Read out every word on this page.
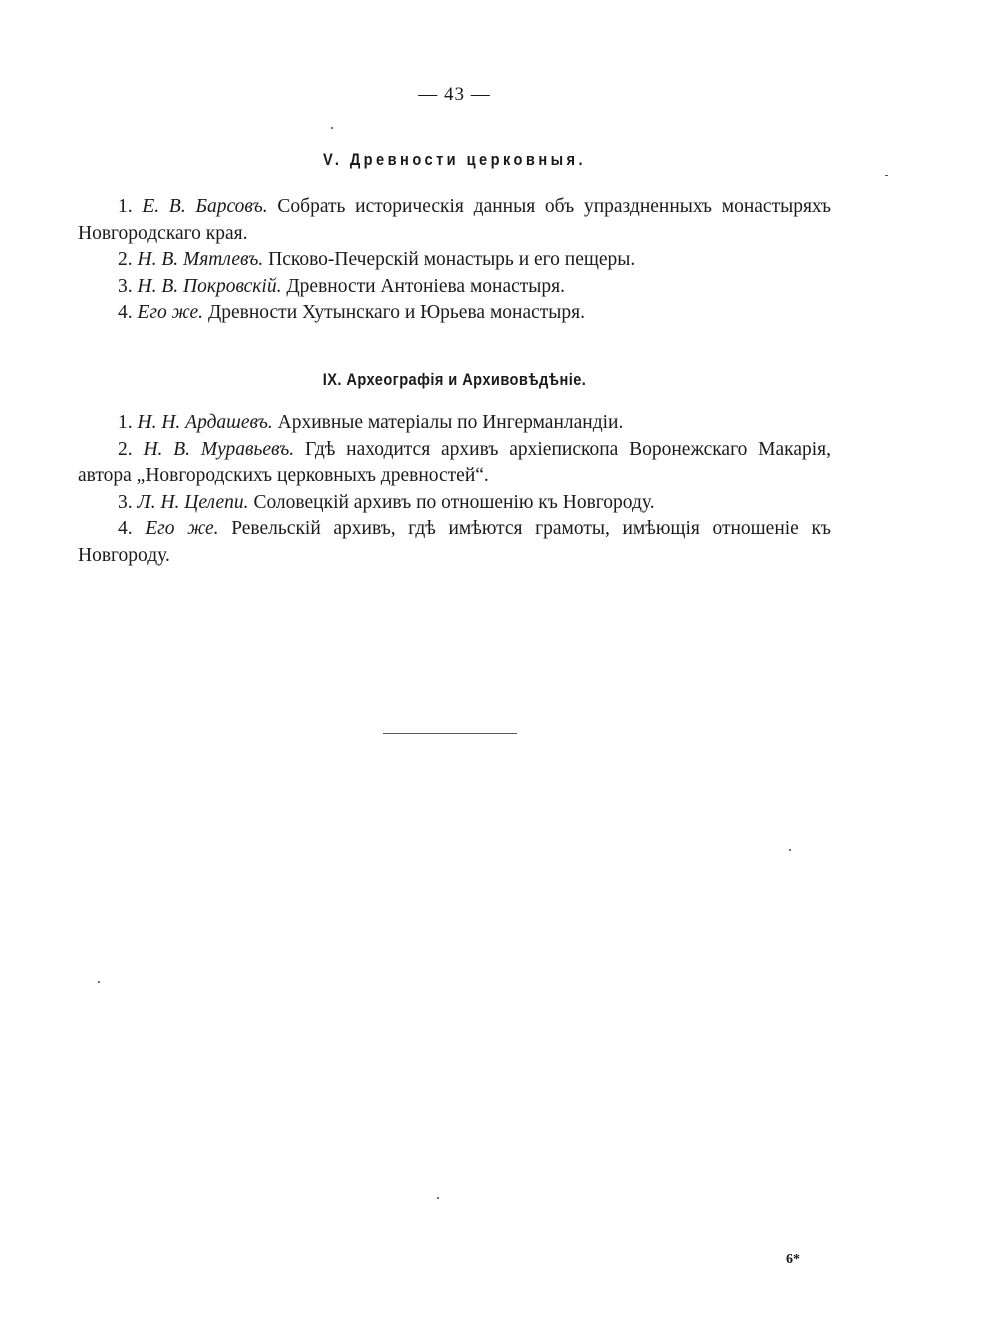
— 43 —
V. Древности церковныя.

1. Е. В. Барсовъ. Собрать историческія данныя объ упраздненныхъ монастыряхъ Новгородскаго края.

2. Н. В. Мятлевъ. Псково-Печерскій монастырь и его пещеры.

3. Н. В. Покровскій. Древности Антоніева монастыря.

4. Его же. Древности Хутынскаго и Юрьева монастыря.

IX. Археографія и Архивовѣдѣніе.

1. Н. Н. Ардашевъ. Архивные матеріалы по Ингерманландіи.

2. Н. В. Муравьевъ. Гдѣ находится архивъ архіепископа Воронежскаго Макарія, автора „Новгородскихъ церковныхъ древностей“.

3. Л. Н. Целепи. Соловецкій архивъ по отношенію къ Новгороду.

4. Его же. Ревельскій архивъ, гдѣ имѣются грамоты, имѣющія отношеніе къ Новгороду.

6*
